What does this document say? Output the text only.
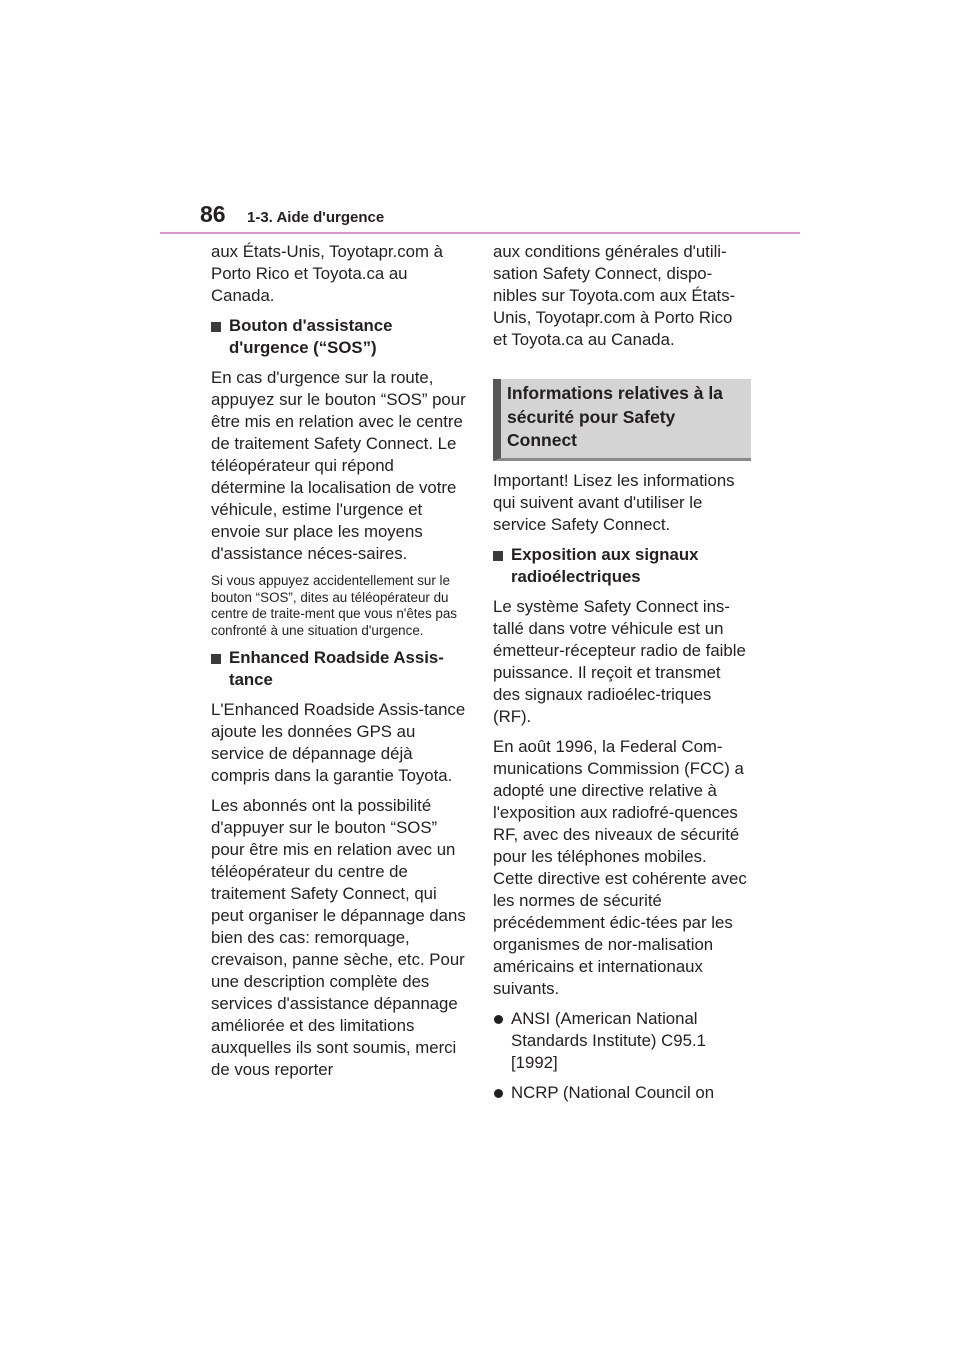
86 1-3. Aide d'urgence

aux États-Unis, Toyotapr.com à Porto Rico et Toyota.ca au Canada.

Bouton d'assistance d'urgence (“SOS”)

En cas d'urgence sur la route, appuyez sur le bouton “SOS” pour être mis en relation avec le centre de traitement Safety Connect. Le téléopérateur qui répond détermine la localisation de votre véhicule, estime l'urgence et envoie sur place les moyens d'assistance néces-saires.

Si vous appuyez accidentellement sur le bouton “SOS”, dites au téléopérateur du centre de traite-ment que vous n'êtes pas confronté à une situation d'urgence.

Enhanced Roadside Assis-tance

L'Enhanced Roadside Assis-tance ajoute les données GPS au service de dépannage déjà compris dans la garantie Toyota.

Les abonnés ont la possibilité d'appuyer sur le bouton “SOS” pour être mis en relation avec un téléopérateur du centre de traitement Safety Connect, qui peut organiser le dépannage dans bien des cas: remorquage, crevaison, panne sèche, etc. Pour une description complète des services d'assistance dépannage améliorée et des limitations auxquelles ils sont soumis, merci de vous reporter

aux conditions générales d'utili-sation Safety Connect, dispo-nibles sur Toyota.com aux États-Unis, Toyotapr.com à Porto Rico et Toyota.ca au Canada.

Informations relatives à la sécurité pour Safety Connect

Important! Lisez les informations qui suivent avant d'utiliser le service Safety Connect.

Exposition aux signaux radioélectriques

Le système Safety Connect ins-tallé dans votre véhicule est un émetteur-récepteur radio de faible puissance. Il reçoit et transmet des signaux radioélec-triques (RF).

En août 1996, la Federal Com-munications Commission (FCC) a adopté une directive relative à l'exposition aux radiofré-quences RF, avec des niveaux de sécurité pour les téléphones mobiles. Cette directive est cohérente avec les normes de sécurité précédemment édic-tées par les organismes de nor-malisation américains et internationaux suivants.

ANSI (American National Standards Institute) C95.1 [1992]
NCRP (National Council on
